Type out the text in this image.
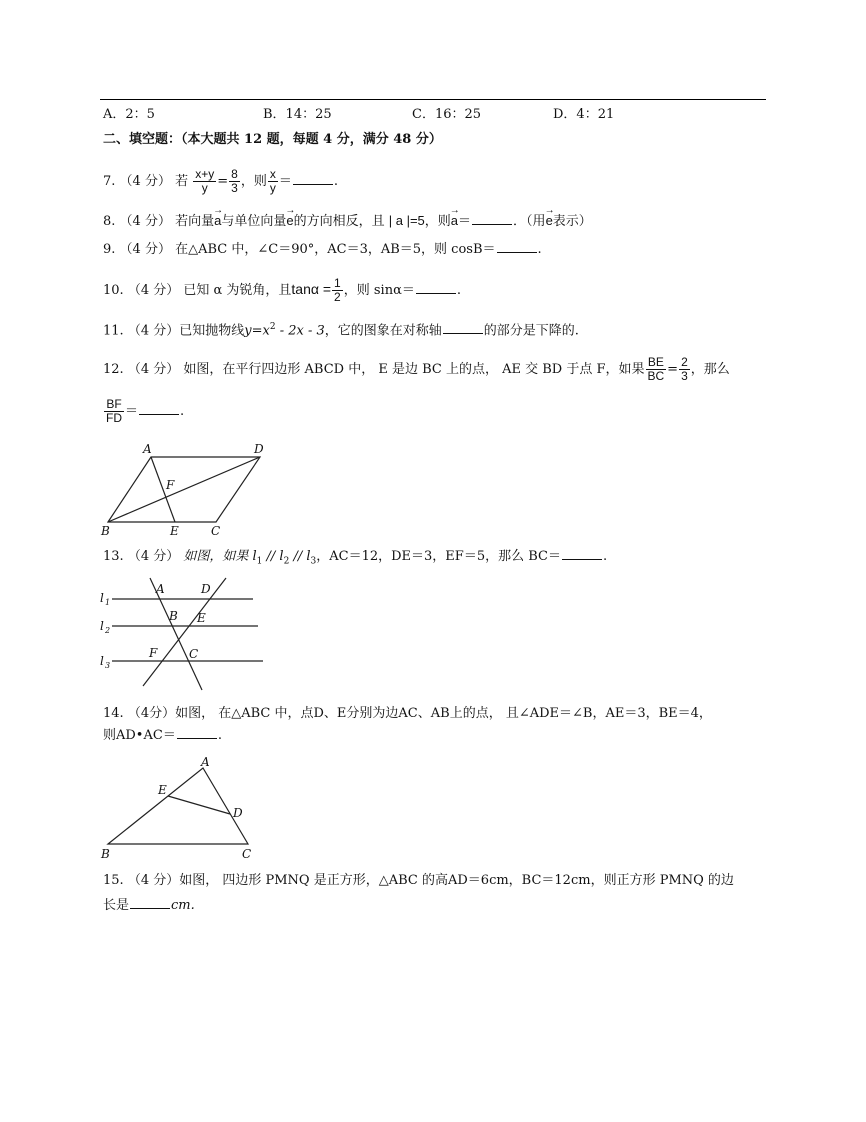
A．2：5	B．14：25	C．16：25	D．4：21
二、填空题：（本大题共 12 题，每题 4 分，满分 48 分）
7. （4 分） 若 $\frac{x+y}{y} = \frac{8}{3}$ ，则 $\frac{x}{y}$ ＝	.
8. （4 分） 若向量→ a与单位向量→ e的方向相反，且 | a |=5，则→ a＝	．（用→ e表示）
9. （4 分） 在△ABC 中，∠C＝90°，AC＝3，AB＝5，则 cosB＝	.
10. （4 分） 已知 α 为锐角，且$\tan\alpha = \frac{1}{2}$ ，则 sinα＝	.
11. （4 分）已知抛物线$y=x^2 - 2x - 3$，它的图象在对称轴	的部分是下降的.
12. （4 分） 如图，在平行四边形 ABCD 中， E 是边 BC 上的点， AE 交 BD 于点 F，如果 $\frac{BE}{BC} = \frac{2}{3}$ ，那么
$\frac{BF}{FD}$ ＝	.
A	D
F
B	E	C
13. （4 分） 如图，如果 $l_1 // l_2 // l_3$，AC＝12，DE＝3，EF＝5，那么 BC＝	.
l 1
l 2
l 3
A	D
B E
F	C
14. （4分）如图， 在△ABC 中，点D、E分别为边AC、AB上的点， 且∠ADE＝∠B，AE＝3，BE＝4，
则AD•AC＝	.
A
E
D
B	C
15. （4 分）如图， 四边形 PMNQ 是正方形，△ABC 的高AD＝6cm，BC＝12cm，则正方形 PMNQ 的边
长是	cm.
